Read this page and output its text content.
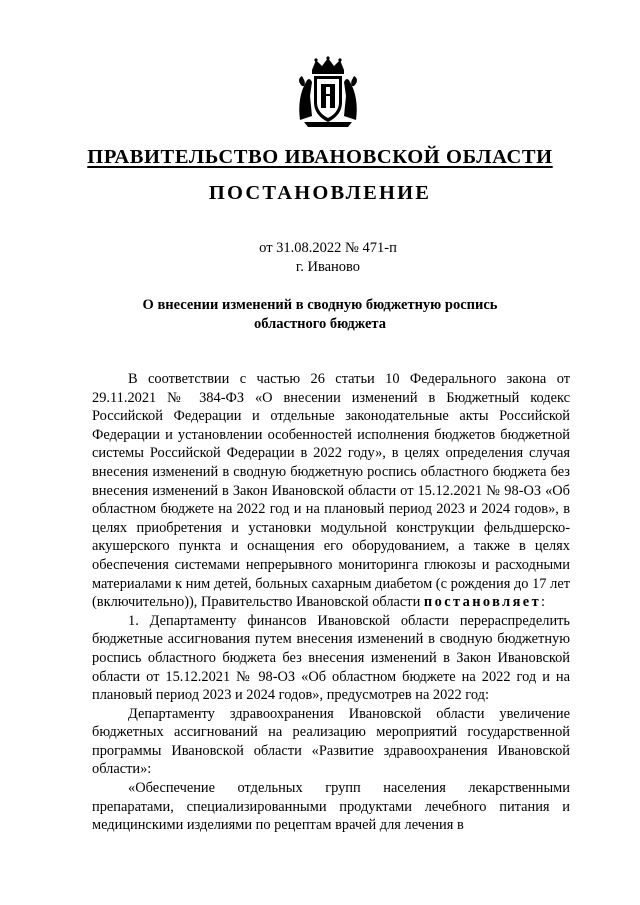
ПРАВИТЕЛЬСТВО ИВАНОВСКОЙ ОБЛАСТИ
ПОСТАНОВЛЕНИЕ
от 31.08.2022 № 471-п
г. Иваново
О внесении изменений в сводную бюджетную роспись
областного бюджета

В соответствии с частью 26 статьи 10 Федерального закона от 29.11.2021 № 384-ФЗ «О внесении изменений в Бюджетный кодекс Российской Федерации и отдельные законодательные акты Российской Федерации и установлении особенностей исполнения бюджетов бюджетной системы Российской Федерации в 2022 году», в целях определения случая внесения изменений в сводную бюджетную роспись областного бюджета без внесения изменений в Закон Ивановской области от 15.12.2021 № 98-ОЗ «Об областном бюджете на 2022 год и на плановый период 2023 и 2024 годов», в целях приобретения и установки модульной конструкции фельдшерско-акушерского пункта и оснащения его оборудованием, а также в целях обеспечения системами непрерывного мониторинга глюкозы и расходными материалами к ним детей, больных сахарным диабетом (с рождения до 17 лет (включительно)), Правительство Ивановской области постановляет:

1. Департаменту финансов Ивановской области перераспределить бюджетные ассигнования путем внесения изменений в сводную бюджетную роспись областного бюджета без внесения изменений в Закон Ивановской области от 15.12.2021 № 98-ОЗ «Об областном бюджете на 2022 год и на плановый период 2023 и 2024 годов», предусмотрев на 2022 год:

Департаменту здравоохранения Ивановской области увеличение бюджетных ассигнований на реализацию мероприятий государственной программы Ивановской области «Развитие здравоохранения Ивановской области»:

«Обеспечение отдельных групп населения лекарственными препаратами, специализированными продуктами лечебного питания и медицинскими изделиями по рецептам врачей для лечения в
